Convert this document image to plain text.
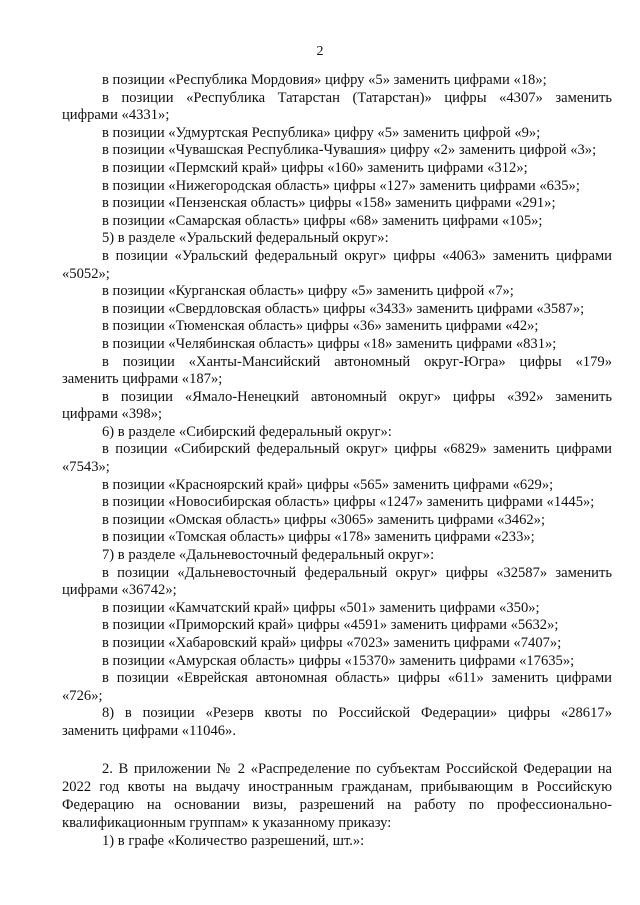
2
в позиции «Республика Мордовия» цифру «5» заменить цифрами «18»;
в позиции «Республика Татарстан (Татарстан)» цифры «4307» заменить
цифрами «4331»;
в позиции «Удмуртская Республика» цифру «5» заменить цифрой «9»;
в позиции «Чувашская Республика-Чувашия» цифру «2» заменить цифрой «3»;
в позиции «Пермский край» цифры «160» заменить цифрами «312»;
в позиции «Нижегородская область» цифры «127» заменить цифрами «635»;
в позиции «Пензенская область» цифры «158» заменить цифрами «291»;
в позиции «Самарская область» цифры «68» заменить цифрами «105»;
5) в разделе «Уральский федеральный округ»:
в позиции «Уральский федеральный округ» цифры «4063» заменить цифрами
«5052»;
в позиции «Курганская область» цифру «5» заменить цифрой «7»;
в позиции «Свердловская область» цифры «3433» заменить цифрами «3587»;
в позиции «Тюменская область» цифры «36» заменить цифрами «42»;
в позиции «Челябинская область» цифры «18» заменить цифрами «831»;
в позиции «Ханты-Мансийский автономный округ-Югра» цифры «179»
заменить цифрами «187»;
в позиции «Ямало-Ненецкий автономный округ» цифры «392» заменить
цифрами «398»;
6) в разделе «Сибирский федеральный округ»:
в позиции «Сибирский федеральный округ» цифры «6829» заменить цифрами
«7543»;
в позиции «Красноярский край» цифры «565» заменить цифрами «629»;
в позиции «Новосибирская область» цифры «1247» заменить цифрами «1445»;
в позиции «Омская область» цифры «3065» заменить цифрами «3462»;
в позиции «Томская область» цифры «178» заменить цифрами «233»;
7) в разделе «Дальневосточный федеральный округ»:
в позиции «Дальневосточный федеральный округ» цифры «32587» заменить
цифрами «36742»;
в позиции «Камчатский край» цифры «501» заменить цифрами «350»;
в позиции «Приморский край» цифры «4591» заменить цифрами «5632»;
в позиции «Хабаровский край» цифры «7023» заменить цифрами «7407»;
в позиции «Амурская область» цифры «15370» заменить цифрами «17635»;
в позиции «Еврейская автономная область» цифры «611» заменить цифрами
«726»;
8) в позиции «Резерв квоты по Российской Федерации» цифры «28617»
заменить цифрами «11046».
2. В приложении № 2 «Распределение по субъектам Российской Федерации на
2022 год квоты на выдачу иностранным гражданам, прибывающим в Российскую
Федерацию на основании визы, разрешений на работу по профессионально-
квалификационным группам» к указанному приказу:
1) в графе «Количество разрешений, шт.»:
